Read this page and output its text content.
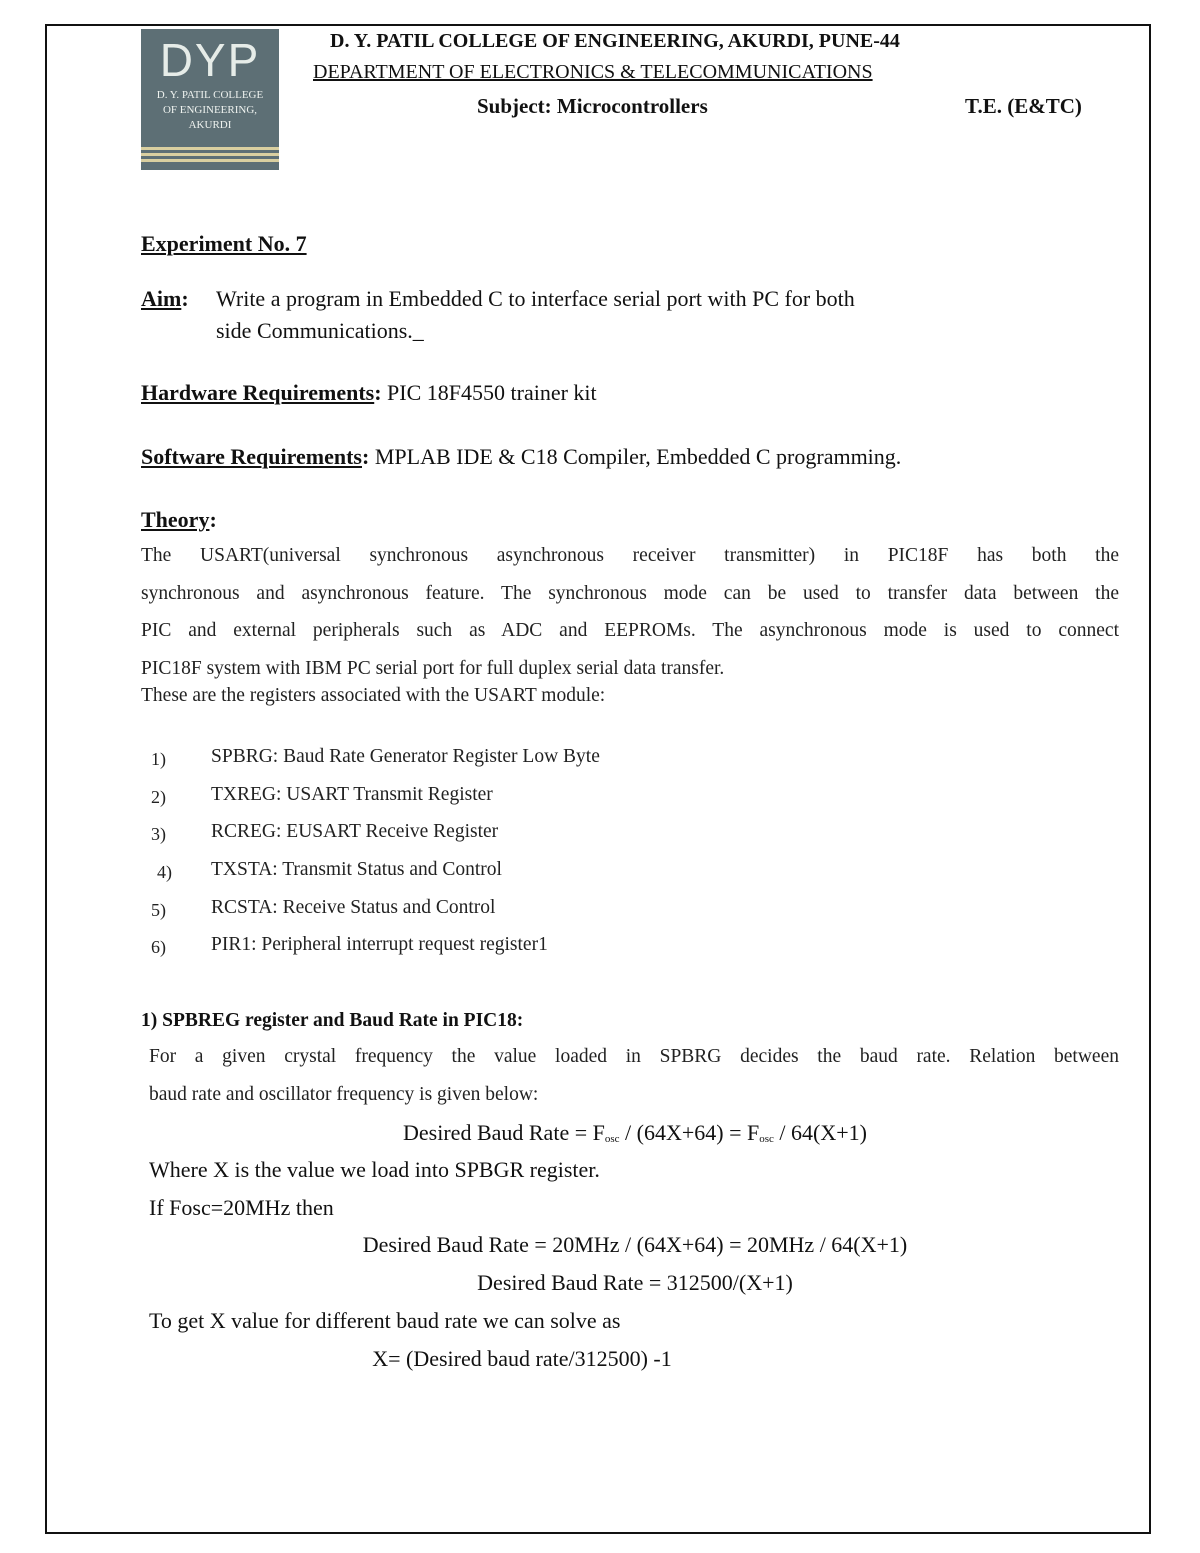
DYP
D. Y. PATIL COLLEGE
OF ENGINEERING,
AKURDI
D. Y. PATIL COLLEGE OF ENGINEERING, AKURDI, PUNE-44
DEPARTMENT OF ELECTRONICS & TELECOMMUNICATIONS
Subject: Microcontrollers	T.E. (E&TC)
Experiment No. 7
Aim: Write a program in Embedded C to interface serial port with PC for both
side Communications._
Hardware Requirements: PIC 18F4550 trainer kit
Software Requirements: MPLAB IDE & C18 Compiler, Embedded C programming.
Theory:
The USART(universal synchronous asynchronous receiver transmitter) in PIC18F has both the
synchronous and asynchronous feature. The synchronous mode can be used to transfer data between the
PIC and external peripherals such as ADC and EEPROMs. The asynchronous mode is used to connect
PIC18F system with IBM PC serial port for full duplex serial data transfer.
These are the registers associated with the USART module:
1) SPBRG: Baud Rate Generator Register Low Byte
2) TXREG: USART Transmit Register
3) RCREG: EUSART Receive Register
4) TXSTA: Transmit Status and Control
5) RCSTA: Receive Status and Control
6) PIR1: Peripheral interrupt request register1
1) SPBREG register and Baud Rate in PIC18:
For a given crystal frequency the value loaded in SPBRG decides the baud rate. Relation between
baud rate and oscillator frequency is given below:
Desired Baud Rate = $F_{osc} / (64X+64) = F_{osc} / 64(X+1)$
Where X is the value we load into SPBGR register.
If Fosc=20MHz then
Desired Baud Rate = 20MHz / (64X+64) = 20MHz / 64(X+1)
Desired Baud Rate = 312500/(X+1)
To get X value for different baud rate we can solve as
X= (Desired baud rate/312500) -1
